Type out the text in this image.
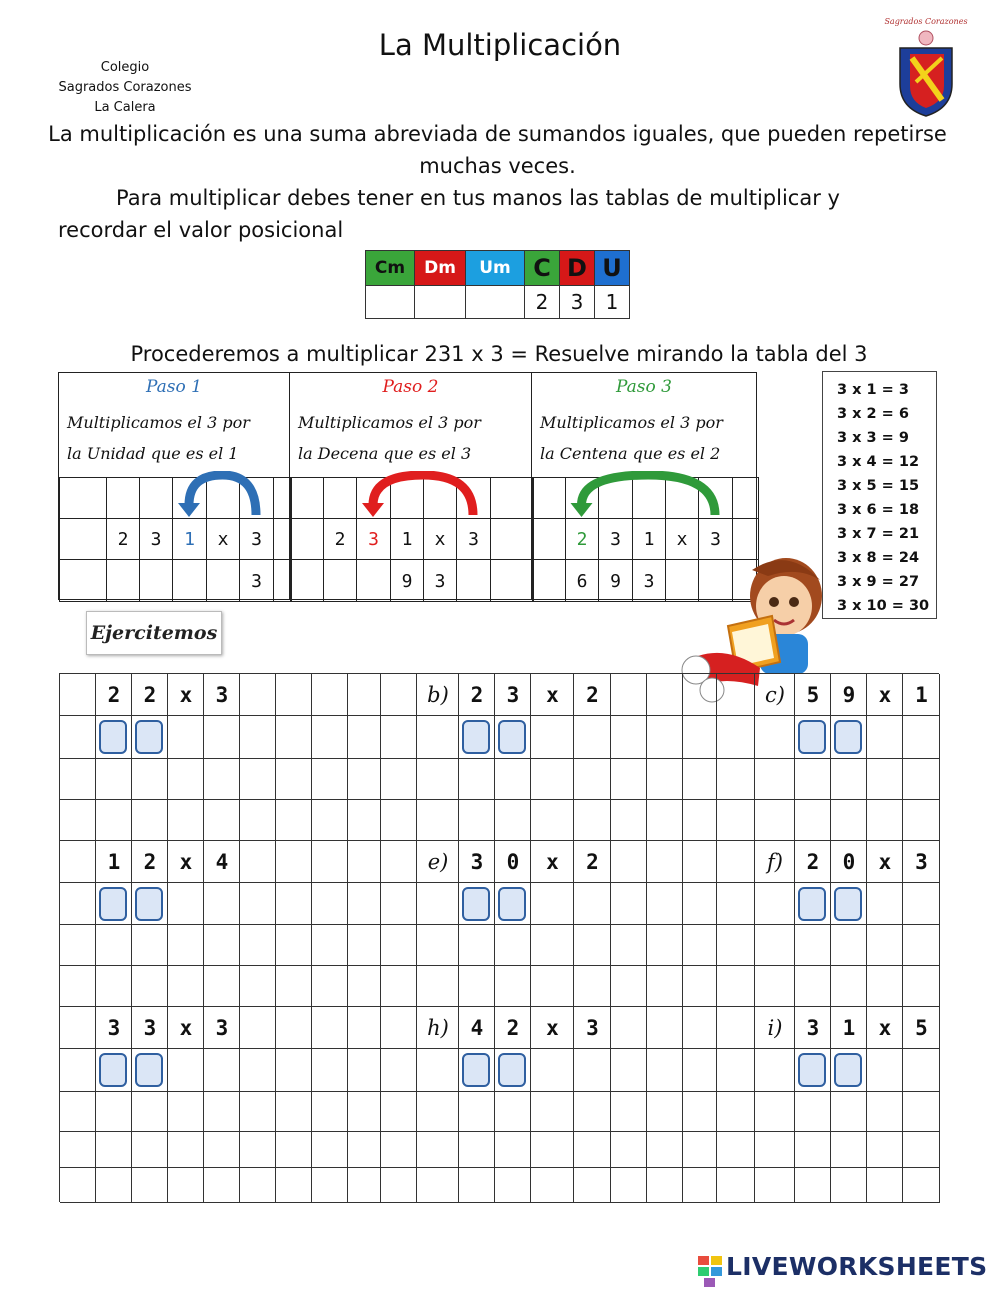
Colegio
Sagrados Corazones
La Calera
La Multiplicación
Sagrados Corazones
La multiplicación es una suma abreviada de sumandos iguales, que pueden repetirse muchas veces.
Para multiplicar debes tener en tus manos las tablas de multiplicar y
recordar el valor posicional
Cm	Dm	Um	C	D	U
			2	3	1
Procederemos a multiplicar 231 x 3 = Resuelve mirando la tabla del 3
Paso 1
Multiplicamos el 3 por
la Unidad que es el 1
2	3	1	x	3
3
Paso 2
Multiplicamos el 3 por
la Decena que es el 3
2	3	1	x	3
9	3
Paso 3
Multiplicamos el 3 por
la Centena que es el 2
2	3	1	x	3
6	9	3
3 x 1 = 3
3 x 2 = 6
3 x 3 = 9
3 x 4 = 12
3 x 5 = 15
3 x 6 = 18
3 x 7 = 21
3 x 8 = 24
3 x 9 = 27
3 x 10 = 30
Ejercitemos
2	2	x	3	b)	2	3	x	2	c)	5	9	x	1
1	2	x	4	e)	3	0	x	2	f)	2	0	x	3
3	3	x	3	h)	4	2	x	3	i)	3	1	x	5
LIVEWORKSHEETS
